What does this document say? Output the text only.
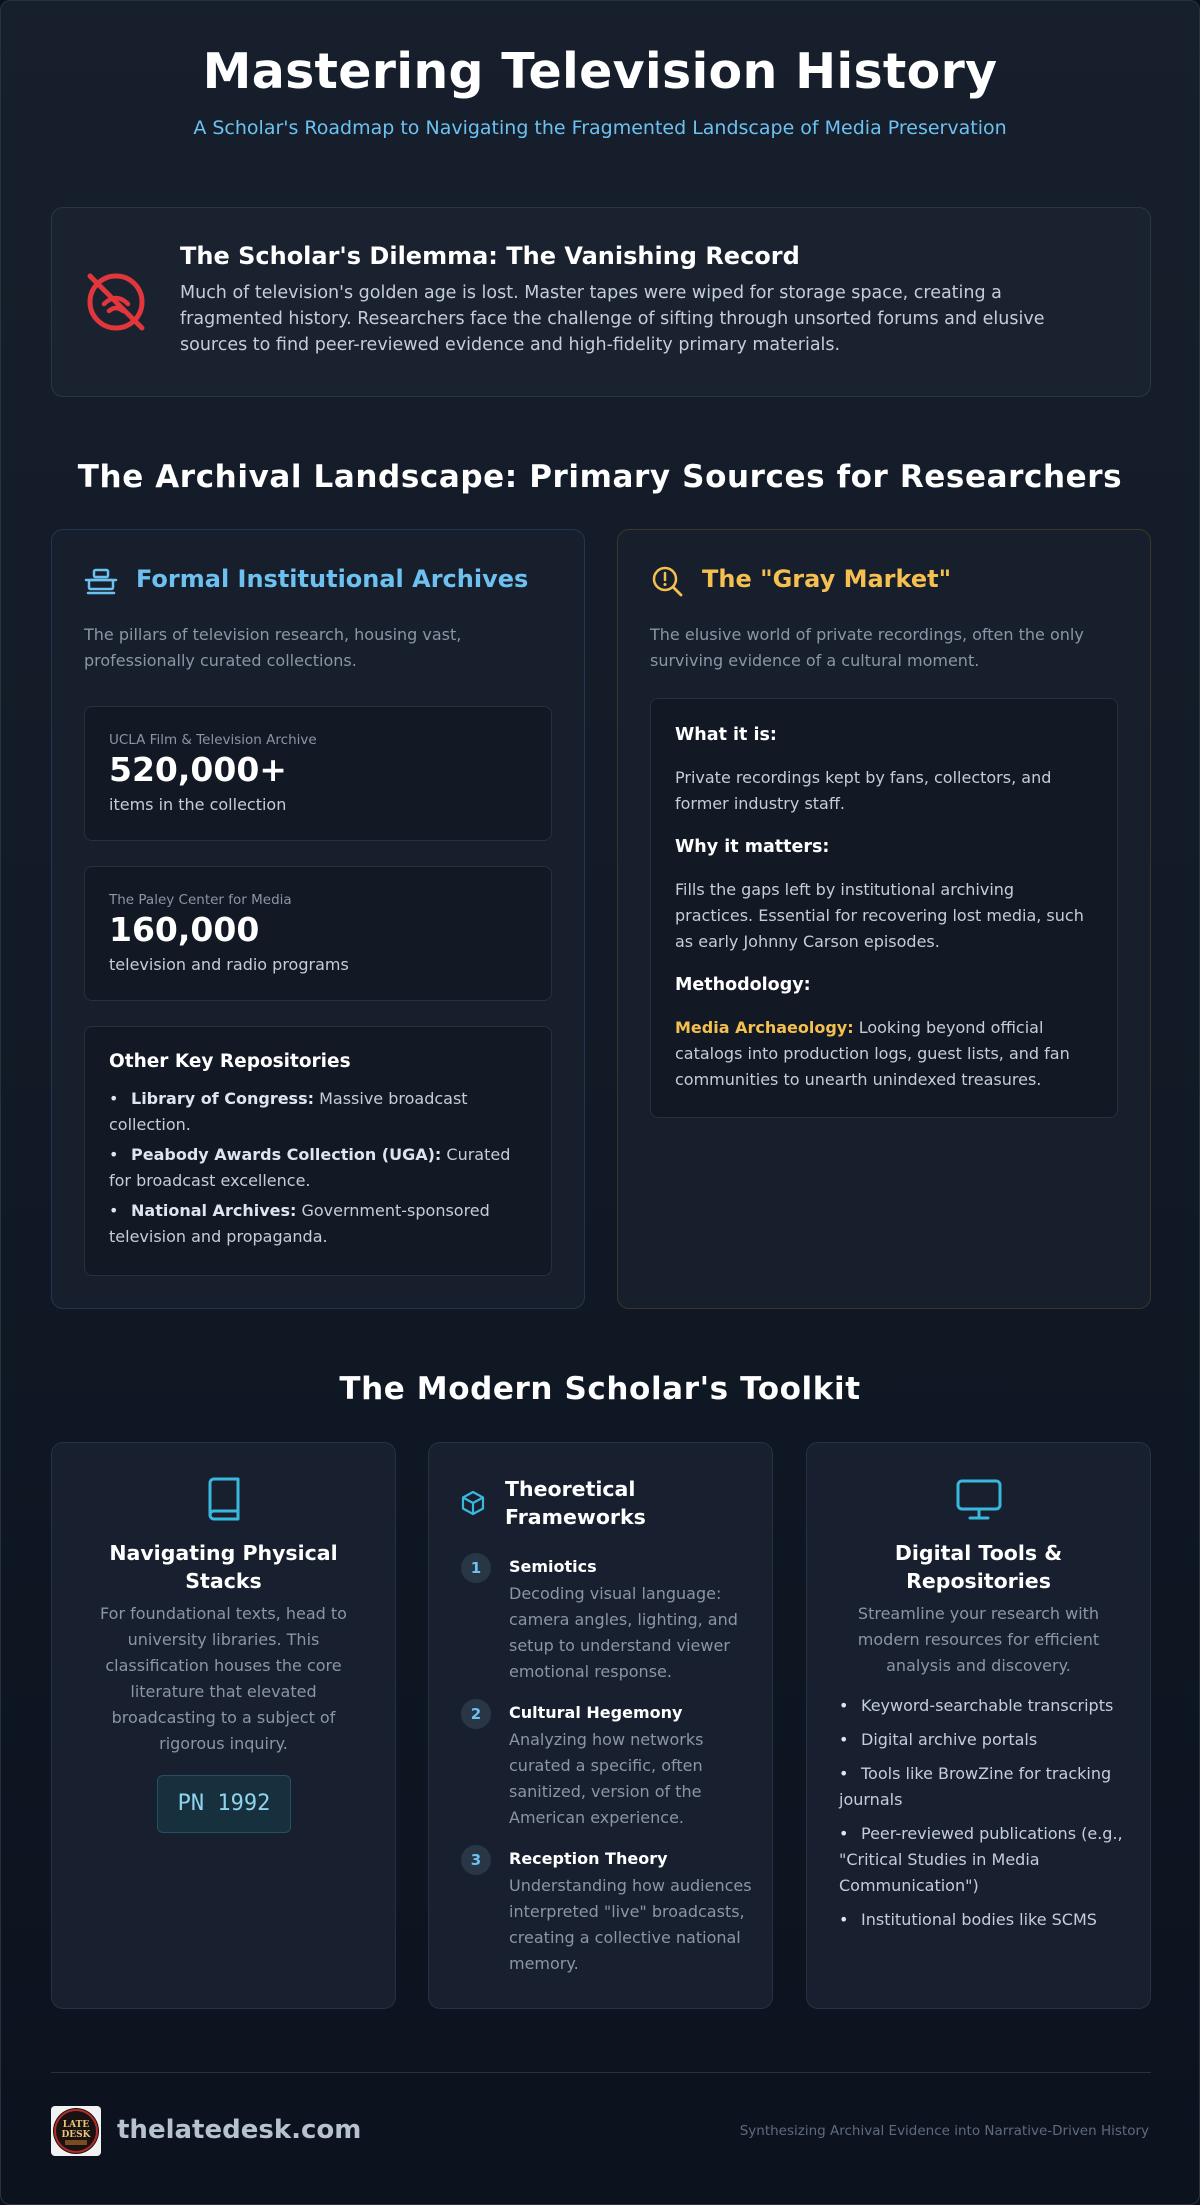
Mastering Television History
A Scholar's Roadmap to Navigating the Fragmented Landscape of Media Preservation
The Scholar's Dilemma: The Vanishing Record
Much of television's golden age is lost. Master tapes were wiped for storage space, creating a fragmented history. Researchers face the challenge of sifting through unsorted forums and elusive sources to find peer-reviewed evidence and high-fidelity primary materials.
The Archival Landscape: Primary Sources for Researchers
Formal Institutional Archives
The pillars of television research, housing vast, professionally curated collections.
UCLA Film & Television Archive
520,000+
items in the collection
The Paley Center for Media
160,000
television and radio programs
Other Key Repositories
• Library of Congress: Massive broadcast collection.
• Peabody Awards Collection (UGA): Curated for broadcast excellence.
• National Archives: Government-sponsored television and propaganda.
The "Gray Market"
The elusive world of private recordings, often the only surviving evidence of a cultural moment.
What it is:
Private recordings kept by fans, collectors, and former industry staff.
Why it matters:
Fills the gaps left by institutional archiving practices. Essential for recovering lost media, such as early Johnny Carson episodes.
Methodology:
Media Archaeology: Looking beyond official catalogs into production logs, guest lists, and fan communities to unearth unindexed treasures.
The Modern Scholar's Toolkit
Navigating Physical Stacks
For foundational texts, head to university libraries. This classification houses the core literature that elevated broadcasting to a subject of rigorous inquiry.
PN 1992
Theoretical Frameworks
1	Semiotics
Decoding visual language: camera angles, lighting, and setup to understand viewer emotional response.
2	Cultural Hegemony
Analyzing how networks curated a specific, often sanitized, version of the American experience.
3	Reception Theory
Understanding how audiences interpreted "live" broadcasts, creating a collective national memory.
Digital Tools & Repositories
Streamline your research with modern resources for efficient analysis and discovery.
• Keyword-searchable transcripts
• Digital archive portals
• Tools like BrowZine for tracking journals
• Peer-reviewed publications (e.g., "Critical Studies in Media Communication")
• Institutional bodies like SCMS
LATE
DESK thelatedesk.com	Synthesizing Archival Evidence into Narrative-Driven History
